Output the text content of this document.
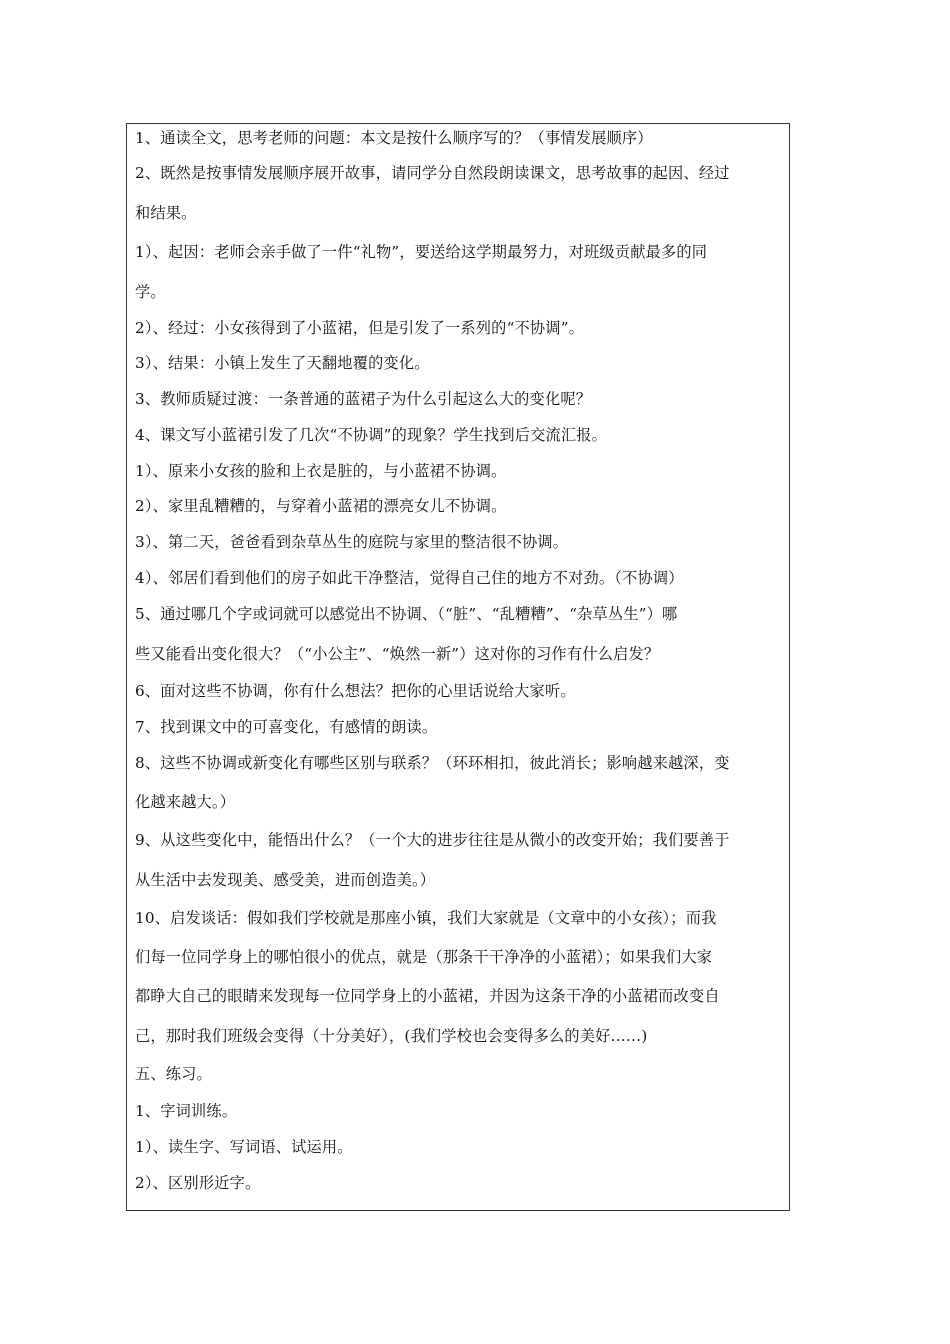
1、通读全文，思考老师的问题：本文是按什么顺序写的？（事情发展顺序）
2、既然是按事情发展顺序展开故事，请同学分自然段朗读课文，思考故事的起因、经过
和结果。
1）、起因：老师会亲手做了一件“礼物”，要送给这学期最努力，对班级贡献最多的同
学。
2）、经过：小女孩得到了小蓝裙，但是引发了一系列的“不协调”。
3）、结果：小镇上发生了天翻地覆的变化。
3、教师质疑过渡：一条普通的蓝裙子为什么引起这么大的变化呢？
4、课文写小蓝裙引发了几次“不协调”的现象？学生找到后交流汇报。
1）、原来小女孩的脸和上衣是脏的，与小蓝裙不协调。
2）、家里乱糟糟的，与穿着小蓝裙的漂亮女儿不协调。
3）、第二天，爸爸看到杂草丛生的庭院与家里的整洁很不协调。
4）、邻居们看到他们的房子如此干净整洁，觉得自己住的地方不对劲。（不协调）
5、通过哪几个字或词就可以感觉出不协调、（“脏”、“乱糟糟”、“杂草丛生”）哪
些又能看出变化很大？（“小公主”、“焕然一新”）这对你的习作有什么启发？
6、面对这些不协调，你有什么想法？把你的心里话说给大家听。
7、找到课文中的可喜变化，有感情的朗读。
8、这些不协调或新变化有哪些区别与联系？（环环相扣，彼此消长；影响越来越深，变
化越来越大。）
9、从这些变化中，能悟出什么？（一个大的进步往往是从微小的改变开始；我们要善于
从生活中去发现美、感受美，进而创造美。）
10、启发谈话：假如我们学校就是那座小镇，我们大家就是（文章中的小女孩）；而我
们每一位同学身上的哪怕很小的优点，就是（那条干干净净的小蓝裙）；如果我们大家
都睁大自己的眼睛来发现每一位同学身上的小蓝裙，并因为这条干净的小蓝裙而改变自
己，那时我们班级会变得（十分美好），(我们学校也会变得多么的美好……)
五、练习。
1、字词训练。
1）、读生字、写词语、试运用。
2）、区别形近字。
